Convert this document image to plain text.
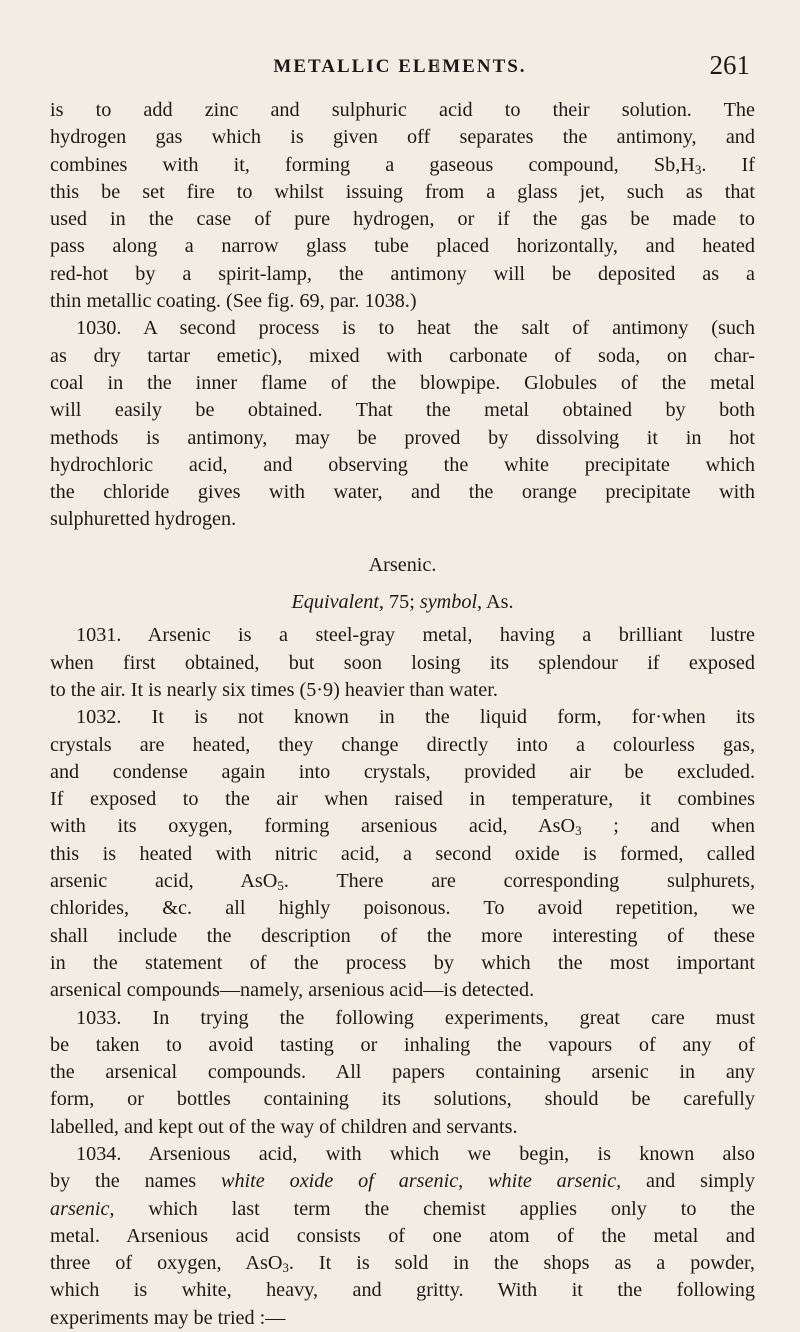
METALLIC ELEMENTS.	261
is to add zinc and sulphuric acid to their solution. The
hydrogen gas which is given off separates the antimony, and
combines with it, forming a gaseous compound, $Sb,H_3$. If
this be set fire to whilst issuing from a glass jet, such as that
used in the case of pure hydrogen, or if the gas be made to
pass along a narrow glass tube placed horizontally, and heated
red-hot by a spirit-lamp, the antimony will be deposited as a
thin metallic coating. (See fig. 69, par. 1038.)
1030. A second process is to heat the salt of antimony (such
as dry tartar emetic), mixed with carbonate of soda, on char-
coal in the inner flame of the blowpipe. Globules of the metal
will easily be obtained. That the metal obtained by both
methods is antimony, may be proved by dissolving it in hot
hydrochloric acid, and observing the white precipitate which
the chloride gives with water, and the orange precipitate with
sulphuretted hydrogen.
Arsenic.
Equivalent, 75; symbol, As.
1031. Arsenic is a steel-gray metal, having a brilliant lustre
when first obtained, but soon losing its splendour if exposed
to the air. It is nearly six times (5·9) heavier than water.
1032. It is not known in the liquid form, for·when its
crystals are heated, they change directly into a colourless gas,
and condense again into crystals, provided air be excluded.
If exposed to the air when raised in temperature, it combines
with its oxygen, forming arsenious acid, AsO$_3$ ; and when
this is heated with nitric acid, a second oxide is formed, called
arsenic acid, AsO$_5$. There are corresponding sulphurets,
chlorides, &c. all highly poisonous. To avoid repetition, we
shall include the description of the more interesting of these
in the statement of the process by which the most important
arsenical compounds—namely, arsenious acid—is detected.
1033. In trying the following experiments, great care must
be taken to avoid tasting or inhaling the vapours of any of
the arsenical compounds. All papers containing arsenic in any
form, or bottles containing its solutions, should be carefully
labelled, and kept out of the way of children and servants.
1034. Arsenious acid, with which we begin, is known also
by the names white oxide of arsenic, white arsenic, and simply
arsenic, which last term the chemist applies only to the
metal. Arsenious acid consists of one atom of the metal and
three of oxygen, AsO$_3$. It is sold in the shops as a powder,
which is white, heavy, and gritty. With it the following
experiments may be tried :—
